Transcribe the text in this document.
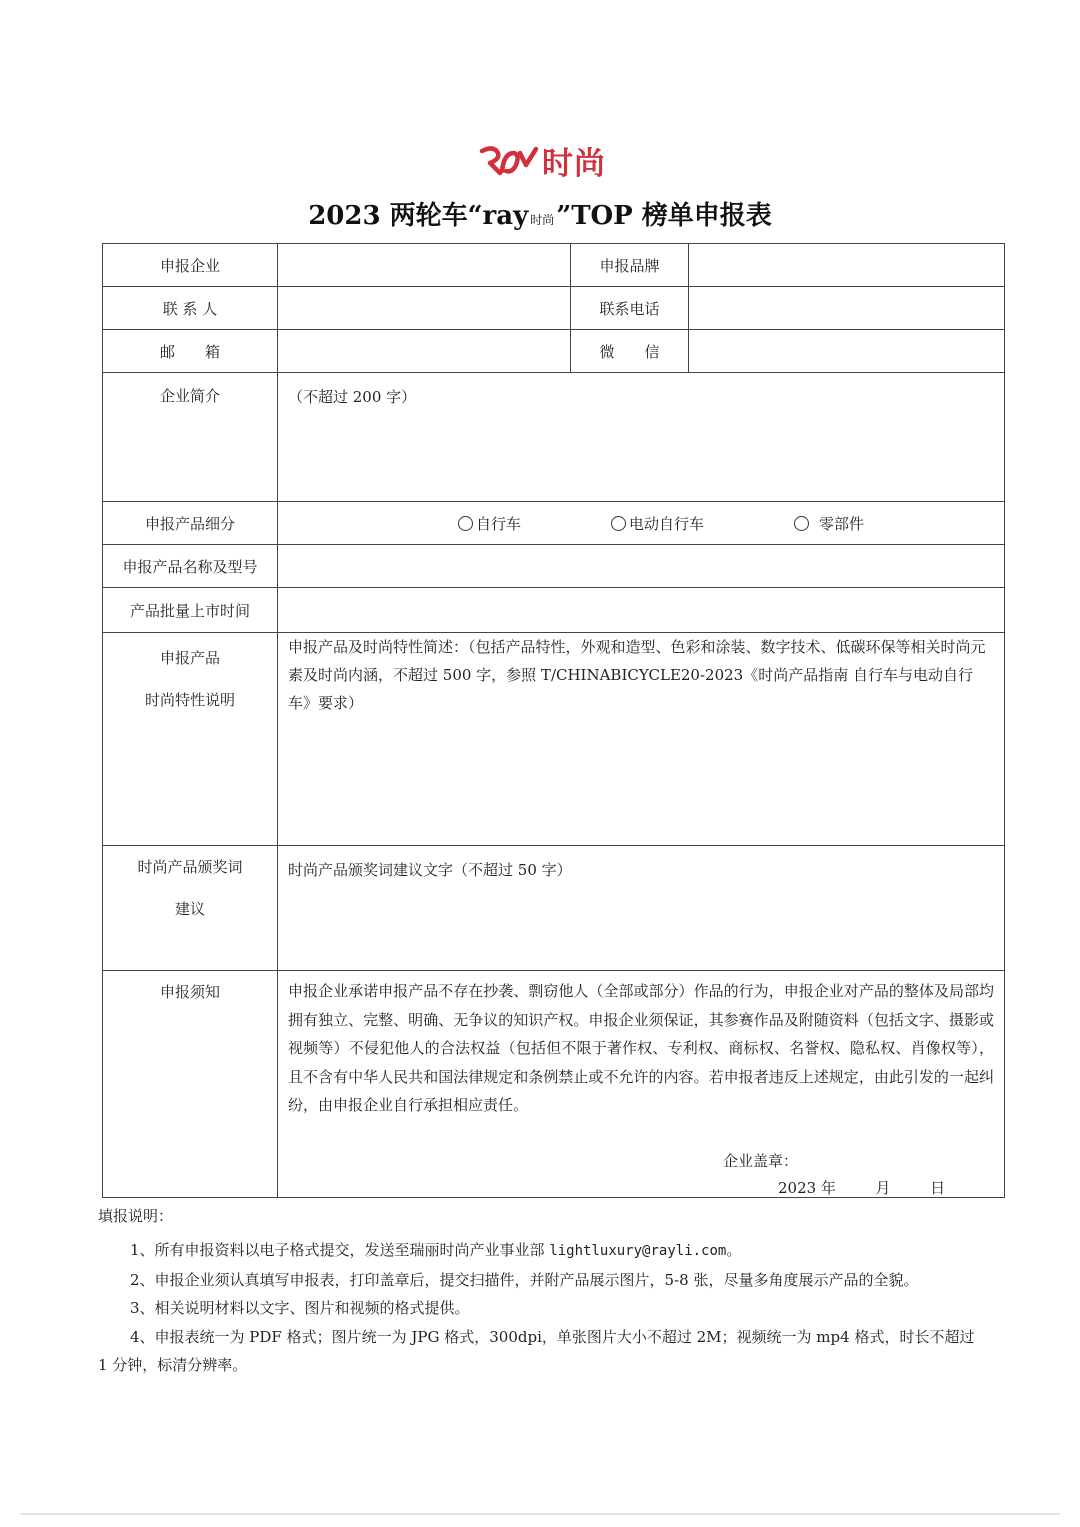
时尚
2023 两轮车“ray 时尚”TOP 榜单申报表
申报企业		申报品牌	
联 系 人		联系电话	
邮　　箱		微　　信	
企业简介	（不超过 200 字）		
申报产品细分	自行车 电动自行车 零部件		

申报产品名称及型号			
产品批量上市时间			

申报产品
时尚特性说明	申报产品及时尚特性简述：（包括产品特性，外观和造型、色彩和涂装、数字技术、低碳环保等相关时尚元素及时尚内涵，不超过 500 字，参照 T/CHINABICYCLE20-2023《时尚产品指南 自行车与电动自行车》要求）		

时尚产品颁奖词
建议	时尚产品颁奖词建议文字（不超过 50 字）		
申报须知	申报企业承诺申报产品不存在抄袭、剽窃他人（全部或部分）作品的行为，申报企业对产品的整体及局部均拥有独立、完整、明确、无争议的知识产权。申报企业须保证，其参赛作品及附随资料（包括文字、摄影或视频等）不侵犯他人的合法权益（包括但不限于著作权、专利权、商标权、名誉权、隐私权、肖像权等），且不含有中华人民共和国法律规定和条例禁止或不允许的内容。若申报者违反上述规定，由此引发的一起纠纷，由申报企业自行承担相应责任。		
企业盖章：
2023 年	月	日
填报说明：
1、所有申报资料以电子格式提交，发送至瑞丽时尚产业事业部 lightluxury@rayli.com。
2、申报企业须认真填写申报表，打印盖章后，提交扫描件，并附产品展示图片，5-8 张，尽量多角度展示产品的全貌。
3、相关说明材料以文字、图片和视频的格式提供。
4、申报表统一为 PDF 格式；图片统一为 JPG 格式，300dpi，单张图片大小不超过 2M；视频统一为 mp4 格式，时长不超过 1 分钟，标清分辨率。
